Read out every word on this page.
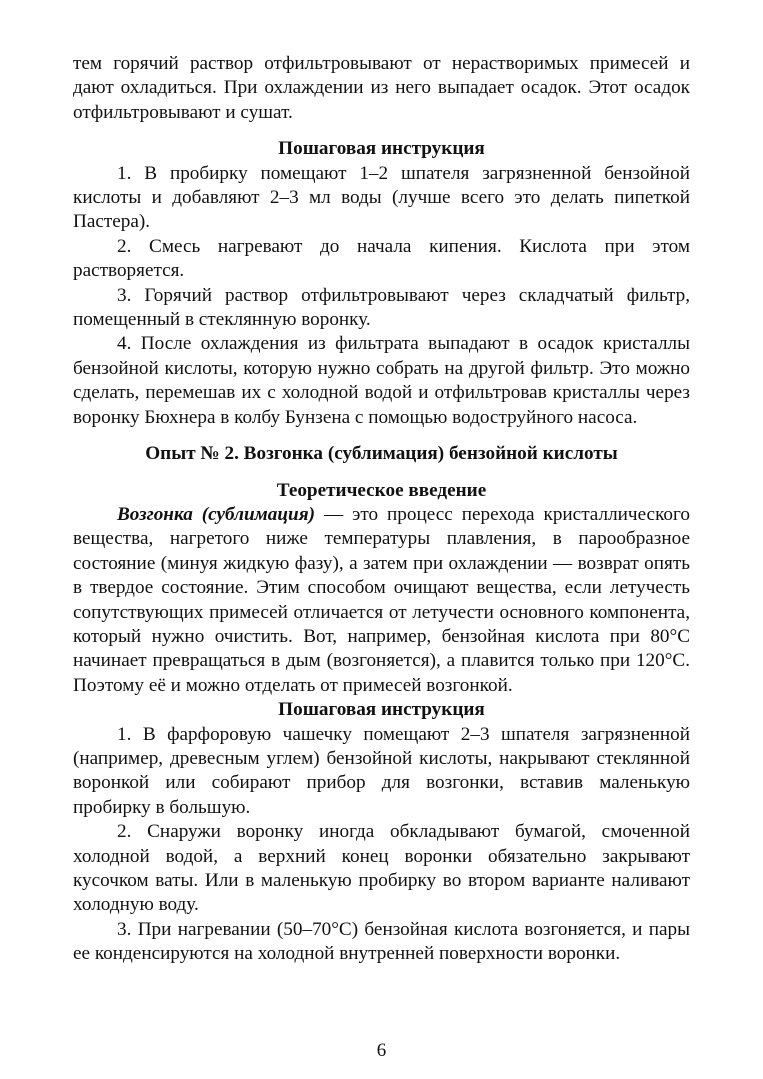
тем горячий раствор отфильтровывают от нерастворимых примесей и дают охладиться. При охлаждении из него выпадает осадок. Этот осадок отфильтровывают и сушат.

Пошаговая инструкция

1. В пробирку помещают 1–2 шпателя загрязненной бензойной кислоты и добавляют 2–3 мл воды (лучше всего это делать пипеткой Пастера).

2. Смесь нагревают до начала кипения. Кислота при этом растворяется.

3. Горячий раствор отфильтровывают через складчатый фильтр, помещенный в стеклянную воронку.

4. После охлаждения из фильтрата выпадают в осадок кристаллы бензойной кислоты, которую нужно собрать на другой фильтр. Это можно сделать, перемешав их с холодной водой и отфильтровав кристаллы через воронку Бюхнера в колбу Бунзена с помощью водоструйного насоса.

Опыт № 2. Возгонка (сублимация) бензойной кислоты
Теоретическое введение

Возгонка (сублимация) — это процесс перехода кристаллического вещества, нагретого ниже температуры плавления, в парообразное состояние (минуя жидкую фазу), а затем при охлаждении — возврат опять в твердое состояние. Этим способом очищают вещества, если летучесть сопутствующих примесей отличается от летучести основного компонента, который нужно очистить. Вот, например, бензойная кислота при 80°С начинает превращаться в дым (возгоняется), а плавится только при 120°С. Поэтому её и можно отделать от примесей возгонкой.

Пошаговая инструкция

1. В фарфоровую чашечку помещают 2–3 шпателя загрязненной (например, древесным углем) бензойной кислоты, накрывают стеклянной воронкой или собирают прибор для возгонки, вставив маленькую пробирку в большую.

2. Снаружи воронку иногда обкладывают бумагой, смоченной холодной водой, а верхний конец воронки обязательно закрывают кусочком ваты. Или в маленькую пробирку во втором варианте наливают холодную воду.

3. При нагревании (50–70°С) бензойная кислота возгоняется, и пары ее конденсируются на холодной внутренней поверхности воронки.

6
